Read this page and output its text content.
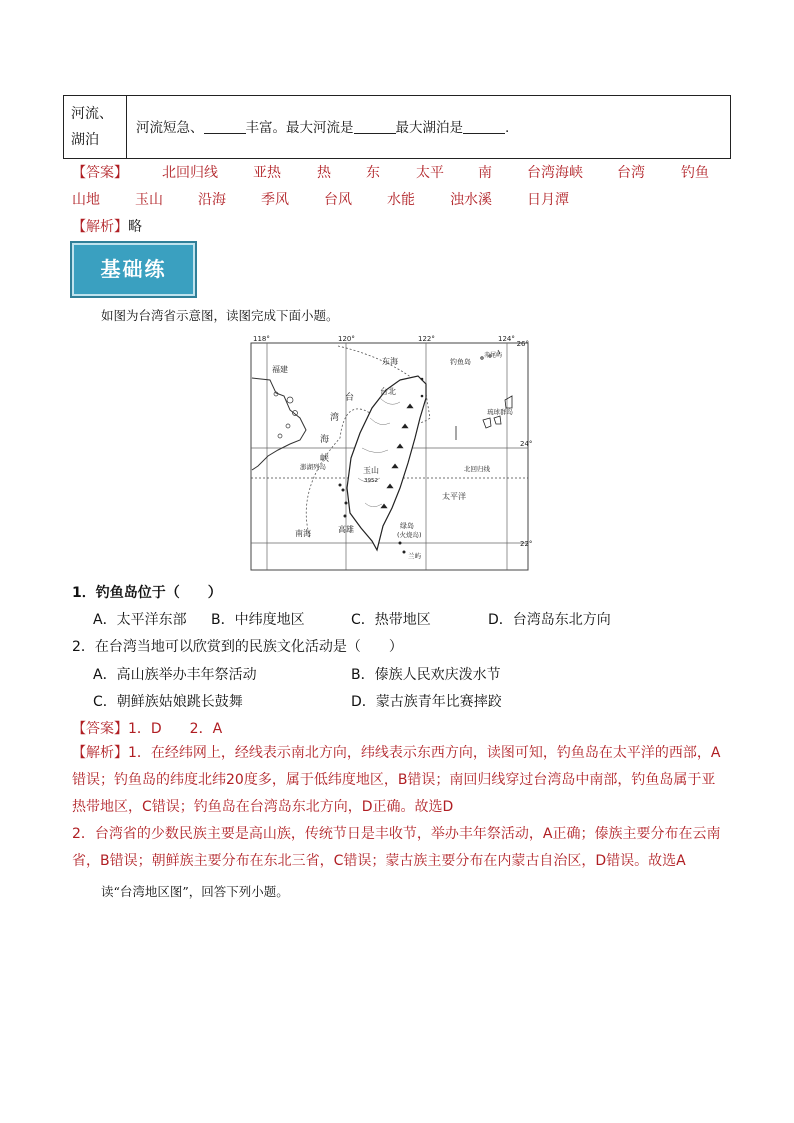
河流、湖泊
河流短急、	丰富。最大河流是	最大湖泊是	.
【答案】 北回归线	亚热	热	东	太平 南	台湾海峡 台湾	钓鱼
山地	玉山	沿海	季风	台风	水能	浊水溪	日月潭
【解析】略
基础练
如图为台湾省示意图，读图完成下面小题。
118°	120°	122°	124°
26°
24°
22°
福建
东海	钓鱼岛
赤尾屿
台北
台
湾
海
峡
澎湖列岛	玉山
3952
琉球群岛
北回归线
太平洋
南海	高雄	绿岛
(火烧岛)
兰屿
1．钓鱼岛位于（　　）
A．太平洋东部 B．中纬度地区	C．热带地区	D．台湾岛东北方向
2．在台湾当地可以欣赏到的民族文化活动是（　　）
A．高山族举办丰年祭活动	B．傣族人民欢庆泼水节
C．朝鲜族姑娘跳长鼓舞	D．蒙古族青年比赛摔跤
【答案】1．D　　2．A
【解析】1．在经纬网上，经线表示南北方向，纬线表示东西方向，读图可知，钓鱼岛在太平洋的西部，A
错误；钓鱼岛的纬度北纬20度多，属于低纬度地区，B错误；南回归线穿过台湾岛中南部，钓鱼岛属于亚
热带地区，C错误；钓鱼岛在台湾岛东北方向，D正确。故选D
2．台湾省的少数民族主要是高山族，传统节日是丰收节，举办丰年祭活动，A正确；傣族主要分布在云南
省，B错误；朝鲜族主要分布在东北三省，C错误；蒙古族主要分布在内蒙古自治区，D错误。故选A
读“台湾地区图”，回答下列小题。
